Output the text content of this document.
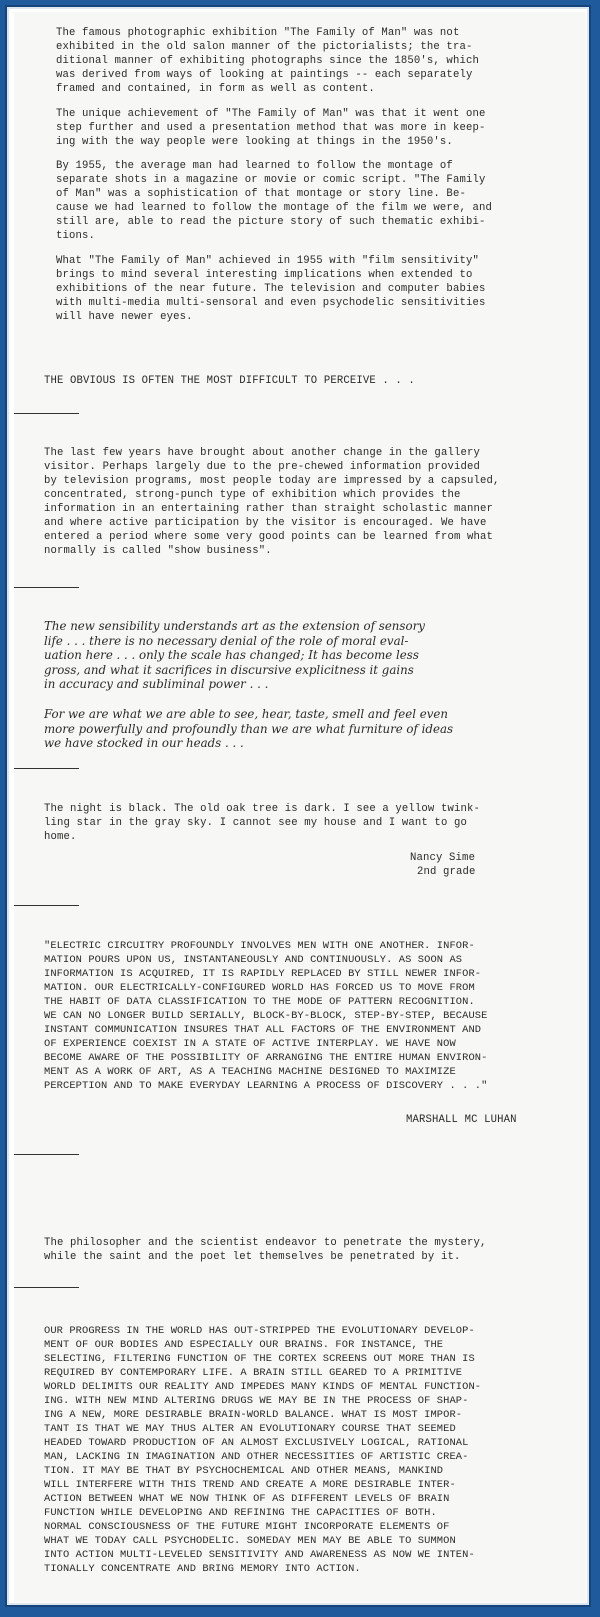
The famous photographic exhibition "The Family of Man" was not
exhibited in the old salon manner of the pictorialists; the tra-
ditional manner of exhibiting photographs since the 1850's, which
was derived from ways of looking at paintings -- each separately
framed and contained, in form as well as content.

The unique achievement of "The Family of Man" was that it went one
step further and used a presentation method that was more in keep-
ing with the way people were looking at things in the 1950's.

By 1955, the average man had learned to follow the montage of
separate shots in a magazine or movie or comic script. "The Family
of Man" was a sophistication of that montage or story line. Be-
cause we had learned to follow the montage of the film we were, and
still are, able to read the picture story of such thematic exhibi-
tions.

What "The Family of Man" achieved in 1955 with "film sensitivity"
brings to mind several interesting implications when extended to
exhibitions of the near future. The television and computer babies
with multi-media multi-sensoral and even psychodelic sensitivities
will have newer eyes.

THE OBVIOUS IS OFTEN THE MOST DIFFICULT TO PERCEIVE . . .

The last few years have brought about another change in the gallery
visitor. Perhaps largely due to the pre-chewed information provided
by television programs, most people today are impressed by a capsuled,
concentrated, strong-punch type of exhibition which provides the
information in an entertaining rather than straight scholastic manner
and where active participation by the visitor is encouraged. We have
entered a period where some very good points can be learned from what
normally is called "show business".

The new sensibility understands art as the extension of sensory
life . . . there is no necessary denial of the role of moral eval-
uation here . . . only the scale has changed; It has become less
gross, and what it sacrifices in discursive explicitness it gains
in accuracy and subliminal power . . .

For we are what we are able to see, hear, taste, smell and feel even
more powerfully and profoundly than we are what furniture of ideas
we have stocked in our heads . . .

The night is black. The old oak tree is dark. I see a yellow twink-
ling star in the gray sky. I cannot see my house and I want to go
home.

Nancy Sime

2nd grade

"ELECTRIC CIRCUITRY PROFOUNDLY INVOLVES MEN WITH ONE ANOTHER. INFOR-
MATION POURS UPON US, INSTANTANEOUSLY AND CONTINUOUSLY. AS SOON AS
INFORMATION IS ACQUIRED, IT IS RAPIDLY REPLACED BY STILL NEWER INFOR-
MATION. OUR ELECTRICALLY-CONFIGURED WORLD HAS FORCED US TO MOVE FROM
THE HABIT OF DATA CLASSIFICATION TO THE MODE OF PATTERN RECOGNITION.
WE CAN NO LONGER BUILD SERIALLY, BLOCK-BY-BLOCK, STEP-BY-STEP, BECAUSE
INSTANT COMMUNICATION INSURES THAT ALL FACTORS OF THE ENVIRONMENT AND
OF EXPERIENCE COEXIST IN A STATE OF ACTIVE INTERPLAY. WE HAVE NOW
BECOME AWARE OF THE POSSIBILITY OF ARRANGING THE ENTIRE HUMAN ENVIRON-
MENT AS A WORK OF ART, AS A TEACHING MACHINE DESIGNED TO MAXIMIZE
PERCEPTION AND TO MAKE EVERYDAY LEARNING A PROCESS OF DISCOVERY . . ."

MARSHALL MC LUHAN

The philosopher and the scientist endeavor to penetrate the mystery,
while the saint and the poet let themselves be penetrated by it.

OUR PROGRESS IN THE WORLD HAS OUT-STRIPPED THE EVOLUTIONARY DEVELOP-
MENT OF OUR BODIES AND ESPECIALLY OUR BRAINS. FOR INSTANCE, THE
SELECTING, FILTERING FUNCTION OF THE CORTEX SCREENS OUT MORE THAN IS
REQUIRED BY CONTEMPORARY LIFE. A BRAIN STILL GEARED TO A PRIMITIVE
WORLD DELIMITS OUR REALITY AND IMPEDES MANY KINDS OF MENTAL FUNCTION-
ING. WITH NEW MIND ALTERING DRUGS WE MAY BE IN THE PROCESS OF SHAP-
ING A NEW, MORE DESIRABLE BRAIN-WORLD BALANCE. WHAT IS MOST IMPOR-
TANT IS THAT WE MAY THUS ALTER AN EVOLUTIONARY COURSE THAT SEEMED
HEADED TOWARD PRODUCTION OF AN ALMOST EXCLUSIVELY LOGICAL, RATIONAL
MAN, LACKING IN IMAGINATION AND OTHER NECESSITIES OF ARTISTIC CREA-
TION. IT MAY BE THAT BY PSYCHOCHEMICAL AND OTHER MEANS, MANKIND
WILL INTERFERE WITH THIS TREND AND CREATE A MORE DESIRABLE INTER-
ACTION BETWEEN WHAT WE NOW THINK OF AS DIFFERENT LEVELS OF BRAIN
FUNCTION WHILE DEVELOPING AND REFINING THE CAPACITIES OF BOTH.
NORMAL CONSCIOUSNESS OF THE FUTURE MIGHT INCORPORATE ELEMENTS OF
WHAT WE TODAY CALL PSYCHODELIC. SOMEDAY MEN MAY BE ABLE TO SUMMON
INTO ACTION MULTI-LEVELED SENSITIVITY AND AWARENESS AS NOW WE INTEN-
TIONALLY CONCENTRATE AND BRING MEMORY INTO ACTION.
